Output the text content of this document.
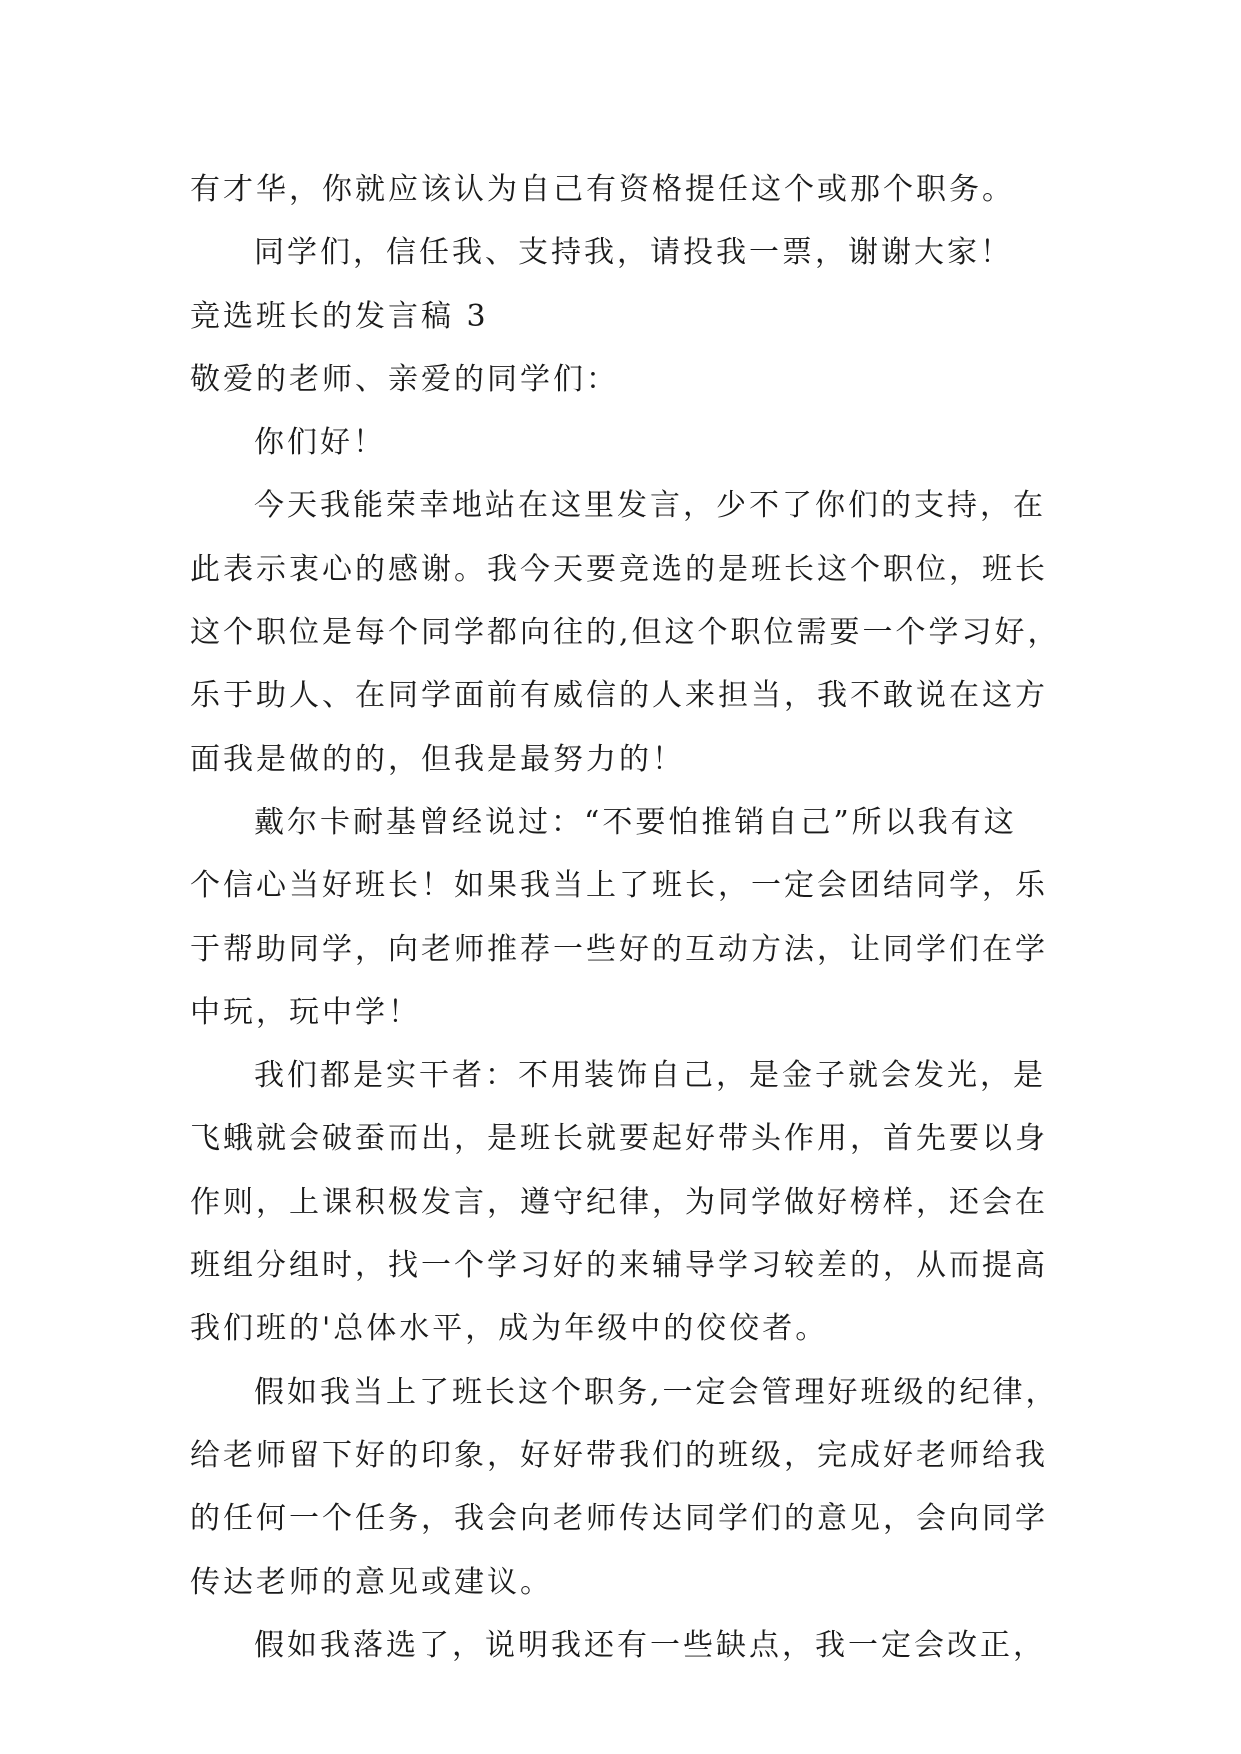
有才华，你就应该认为自己有资格提任这个或那个职务。

同学们，信任我、支持我，请投我一票，谢谢大家！

竞选班长的发言稿 3

敬爱的老师、亲爱的同学们：

你们好！

今天我能荣幸地站在这里发言，少不了你们的支持，在
此表示衷心的感谢。我今天要竞选的是班长这个职位，班长
这个职位是每个同学都向往的,但这个职位需要一个学习好，
乐于助人、在同学面前有威信的人来担当，我不敢说在这方
面我是做的的，但我是最努力的！

戴尔卡耐基曾经说过：“不要怕推销自己”所以我有这
个信心当好班长！如果我当上了班长，一定会团结同学，乐
于帮助同学，向老师推荐一些好的互动方法，让同学们在学
中玩，玩中学！

我们都是实干者：不用装饰自己，是金子就会发光，是
飞蛾就会破蚕而出，是班长就要起好带头作用，首先要以身
作则，上课积极发言，遵守纪律，为同学做好榜样，还会在
班组分组时，找一个学习好的来辅导学习较差的，从而提高
我们班的'总体水平，成为年级中的佼佼者。

假如我当上了班长这个职务,一定会管理好班级的纪律，
给老师留下好的印象，好好带我们的班级，完成好老师给我
的任何一个任务，我会向老师传达同学们的意见，会向同学
传达老师的意见或建议。

假如我落选了，说明我还有一些缺点，我一定会改正，
